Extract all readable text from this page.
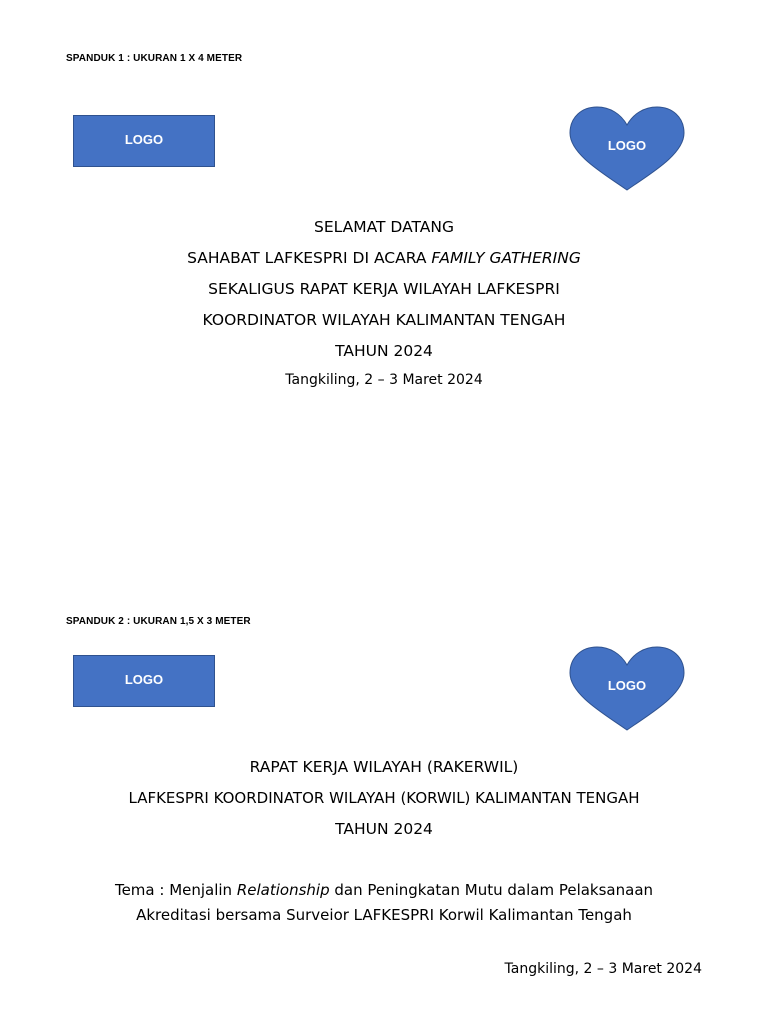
SPANDUK 1 : UKURAN 1 X 4 METER
LOGO	LOGO
SELAMAT DATANG
SAHABAT LAFKESPRI DI ACARA FAMILY GATHERING
SEKALIGUS RAPAT KERJA WILAYAH LAFKESPRI
KOORDINATOR WILAYAH KALIMANTAN TENGAH
TAHUN 2024
Tangkiling, 2 – 3 Maret 2024
SPANDUK 2 : UKURAN 1,5 X 3 METER
LOGO	LOGO
RAPAT KERJA WILAYAH (RAKERWIL)
LAFKESPRI KOORDINATOR WILAYAH (KORWIL) KALIMANTAN TENGAH
TAHUN 2024
Tema : Menjalin Relationship dan Peningkatan Mutu dalam Pelaksanaan
Akreditasi bersama Surveior LAFKESPRI Korwil Kalimantan Tengah
Tangkiling, 2 – 3 Maret 2024
